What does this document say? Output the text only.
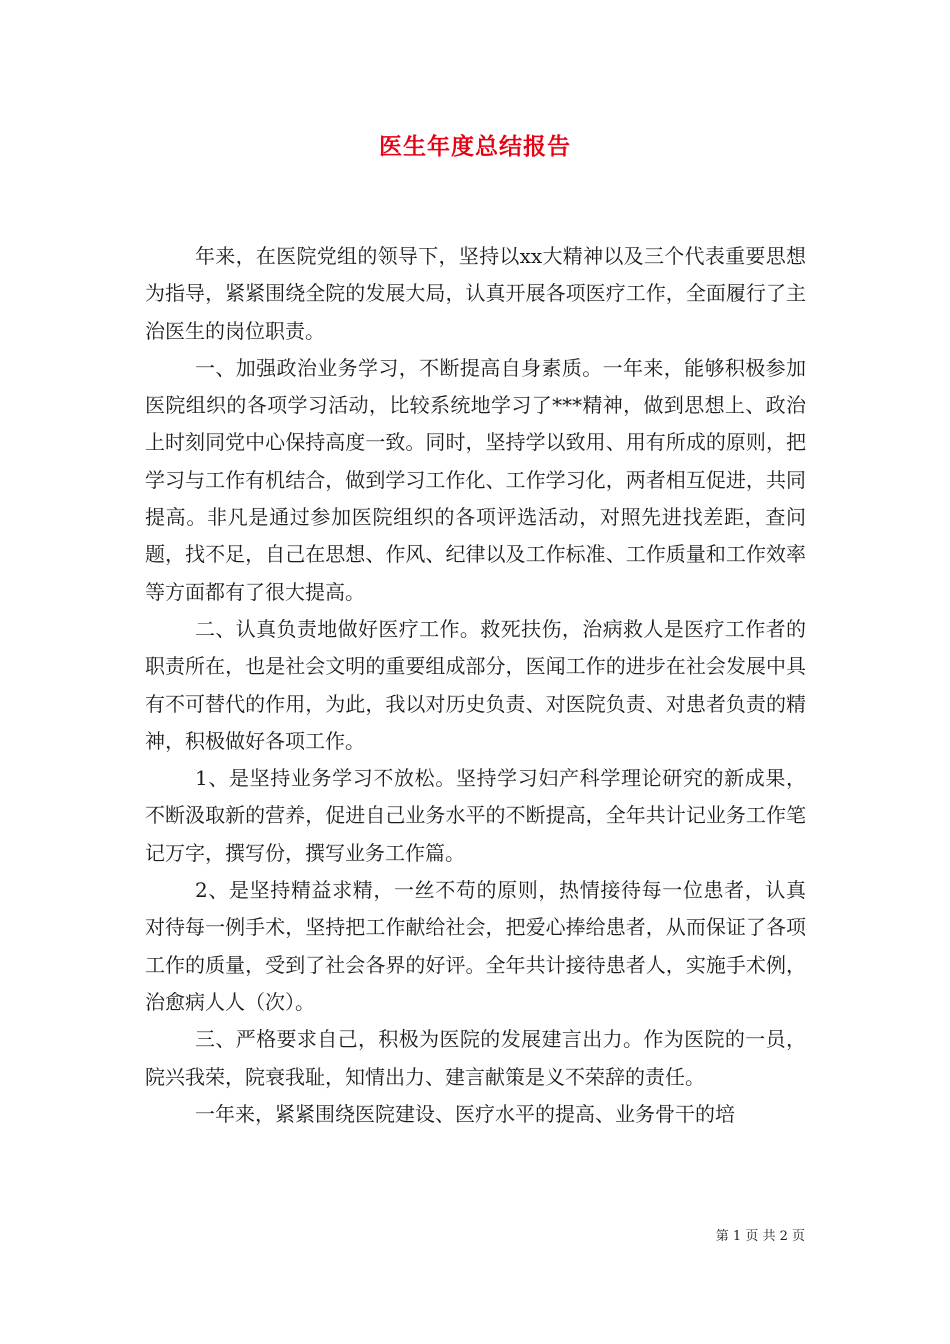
医生年度总结报告

年来，在医院党组的领导下，坚持以xx大精神以及三个代表重要思想为指导，紧紧围绕全院的发展大局，认真开展各项医疗工作，全面履行了主治医生的岗位职责。

一、加强政治业务学习，不断提高自身素质。一年来，能够积极参加医院组织的各项学习活动，比较系统地学习了***精神，做到思想上、政治上时刻同党中心保持高度一致。同时，坚持学以致用、用有所成的原则，把学习与工作有机结合，做到学习工作化、工作学习化，两者相互促进，共同提高。非凡是通过参加医院组织的各项评选活动，对照先进找差距，查问题，找不足，自己在思想、作风、纪律以及工作标准、工作质量和工作效率等方面都有了很大提高。

二、认真负责地做好医疗工作。救死扶伤，治病救人是医疗工作者的职责所在，也是社会文明的重要组成部分，医闻工作的进步在社会发展中具有不可替代的作用，为此，我以对历史负责、对医院负责、对患者负责的精神，积极做好各项工作。

1、是坚持业务学习不放松。坚持学习妇产科学理论研究的新成果，不断汲取新的营养，促进自己业务水平的不断提高，全年共计记业务工作笔记万字，撰写份，撰写业务工作篇。

2、是坚持精益求精，一丝不苟的原则，热情接待每一位患者，认真对待每一例手术，坚持把工作献给社会，把爱心捧给患者，从而保证了各项工作的质量，受到了社会各界的好评。全年共计接待患者人，实施手术例，治愈病人人（次）。

三、严格要求自己，积极为医院的发展建言出力。作为医院的一员，院兴我荣，院衰我耻，知情出力、建言献策是义不荣辞的责任。

一年来，紧紧围绕医院建设、医疗水平的提高、业务骨干的培

第 1 页 共 2 页
